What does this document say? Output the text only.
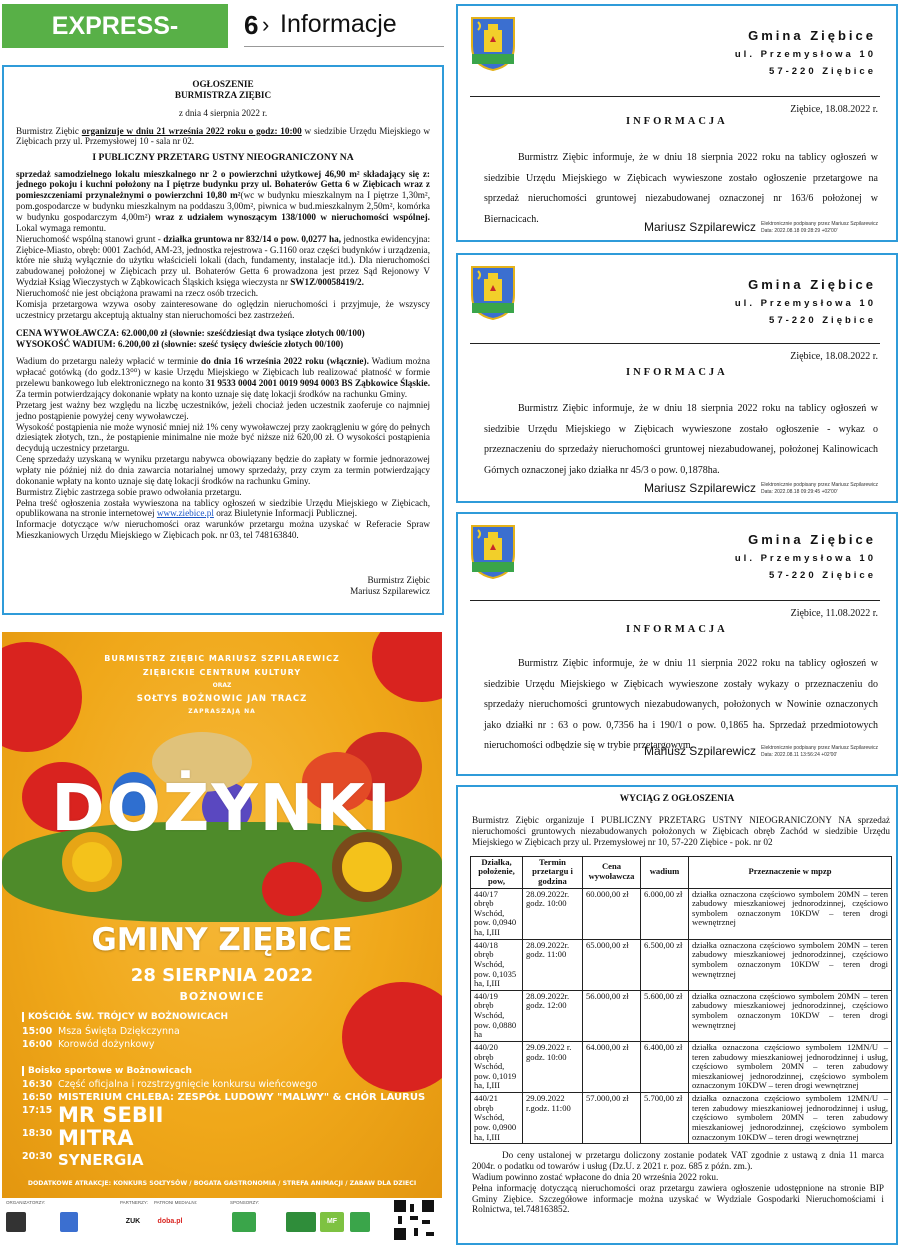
EXPRESS-	6 › Informacje

OGŁOSZENIE

BURMISTRZA ZIĘBIC

z dnia 4 sierpnia 2022 r.

Burmistrz Ziębic organizuje w dniu 21 września 2022 roku o godz: 10:00 w siedzibie Urzędu Miejskiego w Ziębicach przy ul. Przemysłowej 10 - sala nr 02.

I PUBLICZNY PRZETARG USTNY NIEOGRANICZONY NA

sprzedaż samodzielnego lokalu mieszkalnego nr 2 o powierzchni użytkowej 46,90 m² składający się z: jednego pokoju i kuchni położony na I piętrze budynku przy ul. Bohaterów Getta 6 w Ziębicach wraz z pomieszczeniami przynależnymi o powierzchni 10,80 m²(wc w budynku mieszkalnym na I piętrze 1,30m², pom.gospodarcze w budynku mieszkalnym na poddaszu 3,00m², piwnica w bud.mieszkalnym 2,50m², komórka w budynku gospodarczym 4,00m²) wraz z udziałem wynoszącym 138/1000 w nieruchomości wspólnej. Lokal wymaga remontu.

Nieruchomość wspólną stanowi grunt - działka gruntowa nr 832/14 o pow. 0,0277 ha, jednostka ewidencyjna: Ziębice-Miasto, obręb: 0001 Zachód, AM-23, jednostka rejestrowa - G.1160 oraz części budynków i urządzenia, które nie służą wyłącznie do użytku właścicieli lokali (dach, fundamenty, instalacje itd.). Dla nieruchomości zabudowanej położonej w Ziębicach przy ul. Bohaterów Getta 6 prowadzona jest przez Sąd Rejonowy V Wydział Ksiąg Wieczystych w Ząbkowicach Śląskich księga wieczysta nr SW1Z/00058419/2.

Nieruchomość nie jest obciążona prawami na rzecz osób trzecich.

Komisja przetargowa wzywa osoby zainteresowane do oględzin nieruchomości i przyjmuje, że wszyscy uczestnicy przetargu akceptują aktualny stan nieruchomości bez zastrzeżeń.

CENA WYWOŁAWCZA: 62.000,00 zł (słownie: sześćdziesiąt dwa tysiące złotych 00/100)

WYSOKOŚĆ WADIUM: 6.200,00 zł (słownie: sześć tysięcy dwieście złotych 00/100)

Wadium do przetargu należy wpłacić w terminie do dnia 16 września 2022 roku (włącznie). Wadium można wpłacać gotówką (do godz.13⁰⁰) w kasie Urzędu Miejskiego w Ziębicach lub realizować płatność w formie przelewu bankowego lub elektronicznego na konto 31 9533 0004 2001 0019 9094 0003 BS Ząbkowice Śląskie. Za termin potwierdzający dokonanie wpłaty na konto uznaje się datę lokacji środków na rachunku Gminy.

Przetarg jest ważny bez względu na liczbę uczestników, jeżeli chociaż jeden uczestnik zaoferuje co najmniej jedno postąpienie powyżej ceny wywoławczej.

Wysokość postąpienia nie może wynosić mniej niż 1% ceny wywoławczej przy zaokrągleniu w górę do pełnych dziesiątek złotych, tzn., że postąpienie minimalne nie może być niższe niż 620,00 zł. O wysokości postąpienia decydują uczestnicy przetargu.

Cenę sprzedaży uzyskaną w wyniku przetargu nabywca obowiązany będzie do zapłaty w formie jednorazowej wpłaty nie później niż do dnia zawarcia notarialnej umowy sprzedaży, przy czym za termin potwierdzający dokonanie wpłaty na konto uznaje się datę lokacji środków na rachunku Gminy.

Burmistrz Ziębic zastrzega sobie prawo odwołania przetargu.

Pełna treść ogłoszenia została wywieszona na tablicy ogłoszeń w siedzibie Urzędu Miejskiego w Ziębicach, opublikowana na stronie internetowej www.ziebice.pl oraz Biuletynie Informacji Publicznej.

Informacje dotyczące w/w nieruchomości oraz warunków przetargu można uzyskać w Referacie Spraw Mieszkaniowych Urzędu Miejskiego w Ziębicach pok. nr 03, tel 748163840.

Burmistrz Ziębic

Mariusz Szpilarewicz

Gmina Ziębice
ul. Przemysłowa 10
57-220 Ziębice
Ziębice, 18.08.2022 r.
INFORMACJA
Burmistrz Ziębic informuje, że w dniu 18 sierpnia 2022 roku na tablicy ogłoszeń w siedzibie Urzędu Miejskiego w Ziębicach wywieszone zostało ogłoszenie przetargowe na sprzedaż nieruchomości gruntowej niezabudowanej oznaczonej nr 163/6 położonej w Biernacicach.
Mariusz Szpilarewicz Elektronicznie podpisany przez Mariusz Szpilarewicz
Data: 2022.08.18 09:28:29 +02'00'
Gmina Ziębice
ul. Przemysłowa 10
57-220 Ziębice
Ziębice, 18.08.2022 r.
INFORMACJA
Burmistrz Ziębic informuje, że w dniu 18 sierpnia 2022 roku na tablicy ogłoszeń w siedzibie Urzędu Miejskiego w Ziębicach wywieszone zostało ogłoszenie - wykaz o przeznaczeniu do sprzedaży nieruchomości gruntowej niezabudowanej, położonej Kalinowicach Górnych oznaczonej jako działka nr 45/3 o pow. 0,1878ha.
Mariusz Szpilarewicz Elektronicznie podpisany przez Mariusz Szpilarewicz
Data: 2022.08.18 09:29:45 +02'00'
Gmina Ziębice
ul. Przemysłowa 10
57-220 Ziębice
Ziębice, 11.08.2022 r.
INFORMACJA
Burmistrz Ziębic informuje, że w dniu 11 sierpnia 2022 roku na tablicy ogłoszeń w siedzibie Urzędu Miejskiego w Ziębicach wywieszone zostały wykazy o przeznaczeniu do sprzedaży nieruchomości gruntowych niezabudowanych, położonych w Nowinie oznaczonych jako działki nr : 63 o pow. 0,7356 ha i 190/1 o pow. 0,1865 ha. Sprzedaż przedmiotowych nieruchomości odbędzie się w trybie przetargowym.
Mariusz Szpilarewicz Elektronicznie podpisany przez Mariusz Szpilarewicz
Data: 2022.08.11 13:56:24 +02'00'
BURMISTRZ ZIĘBIC MARIUSZ SZPILAREWICZ
ZIĘBICKIE CENTRUM KULTURY
ORAZ
SOŁTYS BOŻNOWIC JAN TRACZ
ZAPRASZAJĄ NA
DOŻYNKI
GMINY ZIĘBICE
28 SIERPNIA 2022
BOŻNOWICE
KOŚCIÓŁ ŚW. TRÓJCY W BOŻNOWICACH
15:00 Msza Święta Dziękczynna
16:00 Korowód dożynkowy
Boisko sportowe w Bożnowicach
16:30 Część oficjalna i rozstrzygnięcie konkursu wieńcowego
16:50 MISTERIUM CHLEBA: ZESPÓŁ LUDOWY "MALWY" & CHÓR LAURUS
17:15 MR SEBII
18:30 MITRA
20:30 SYNERGIA
DODATKOWE ATRAKCJE: KONKURS SOŁTYSÓW / BOGATA GASTRONOMIA / STREFA ANIMACJI / ZABAW DLA DZIECI
ORGANIZATORZY:	PARTNERZY: PATRONI MEDIALNI:	SPONSORZY:
ZUK	doba.pl	MF

WYCIĄG Z OGŁOSZENIA

Burmistrz Ziębic organizuje I PUBLICZNY PRZETARG USTNY NIEOGRANICZONY NA sprzedaż nieruchomości gruntowych niezabudowanych położonych w Ziębicach obręb Zachód w siedzibie Urzędu Miejskiego w Ziębicach przy ul. Przemysłowej nr 10, 57-220 Ziębice - pok. nr 02

Działka, położenie, pow,	Termin przetargu i godzina	Cena wywoławcza	wadium	Przeznaczenie w mpzp
440/17 obręb Wschód, pow. 0,0940 ha, I,III	28.09.2022r. godz. 10:00	60.000,00 zł	6.000,00 zł	działka oznaczona częściowo symbolem 20MN – teren zabudowy mieszkaniowej jednorodzinnej, częściowo symbolem oznaczonym 10KDW – teren drogi wewnętrznej
440/18 obręb Wschód, pow. 0,1035 ha, I,III	28.09.2022r. godz. 11:00	65.000,00 zł	6.500,00 zł	działka oznaczona częściowo symbolem 20MN – teren zabudowy mieszkaniowej jednorodzinnej, częściowo symbolem oznaczonym 10KDW – teren drogi wewnętrznej
440/19 obręb Wschód, pow. 0,0880 ha	28.09.2022r. godz. 12:00	56.000,00 zł	5.600,00 zł	działka oznaczona częściowo symbolem 20MN – teren zabudowy mieszkaniowej jednorodzinnej, częściowo symbolem oznaczonym 10KDW – teren drogi wewnętrznej
440/20 obręb Wschód, pow. 0,1019 ha, I,III	29.09.2022 r. godz. 10:00	64.000,00 zł	6.400,00 zł	działka oznaczona częściowo symbolem 12MN/U – teren zabudowy mieszkaniowej jednorodzinnej i usług, częściowo symbolem 20MN – teren zabudowy mieszkaniowej jednorodzinnej, częściowo symbolem oznaczonym 10KDW – teren drogi wewnętrznej
440/21 obręb Wschód, pow. 0,0900 ha, I,III	29.09.2022 r.godz. 11:00	57.000,00 zł	5.700,00 zł	działka oznaczona częściowo symbolem 12MN/U – teren zabudowy mieszkaniowej jednorodzinnej i usług, częściowo symbolem 20MN – teren zabudowy mieszkaniowej jednorodzinnej, częściowo symbolem oznaczonym 10KDW – teren drogi wewnętrznej

Do ceny ustalonej w przetargu doliczony zostanie podatek VAT zgodnie z ustawą z dnia 11 marca 2004r. o podatku od towarów i usług (Dz.U. z 2021 r. poz. 685 z późn. zm.).

Wadium powinno zostać wpłacone do dnia 20 września 2022 roku.

Pełna informację dotyczącą nieruchomości oraz przetargu zawiera ogłoszenie udostępnione na stronie BIP Gminy Ziębice. Szczegółowe informacje można uzyskać w Wydziale Gospodarki Nieruchomościami i Rolnictwa, tel.748163852.
